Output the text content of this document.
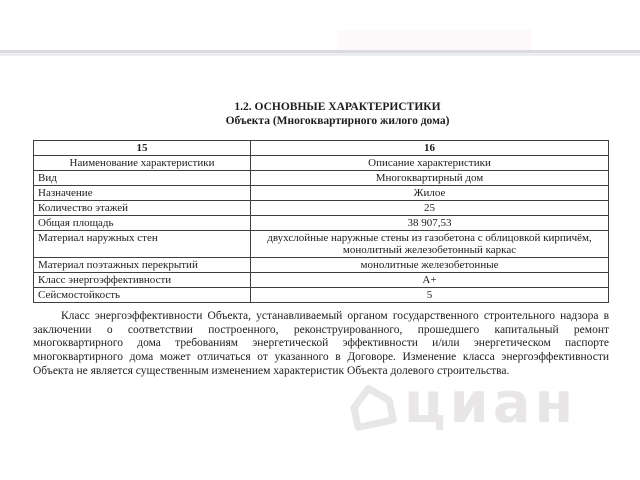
1.2. ОСНОВНЫЕ ХАРАКТЕРИСТИКИ
Объекта (Многоквартирного жилого дома)
15	16
Наименование характеристики	Описание характеристики
Вид	Многоквартирный дом
Назначение	Жилое
Количество этажей	25
Общая площадь	38 907,53
Материал наружных стен	двухслойные наружные стены из газобетона с облицовкой кирпичём, монолитный железобетонный каркас
Материал поэтажных перекрытий	монолитные железобетонные
Класс энергоэффективности	А+
Сейсмостойкость	5

Класс энергоэффективности Объекта, устанавливаемый органом государственного строительного надзора в заключении о соответствии построенного, реконструированного, прошедшего капитальный ремонт многоквартирного дома требованиям энергетической эффективности и/или энергетическом паспорте многоквартирного дома может отличаться от указанного в Договоре. Изменение класса энергоэффективности Объекта не является существенным изменением характеристик Объекта долевого строительства.

циан
